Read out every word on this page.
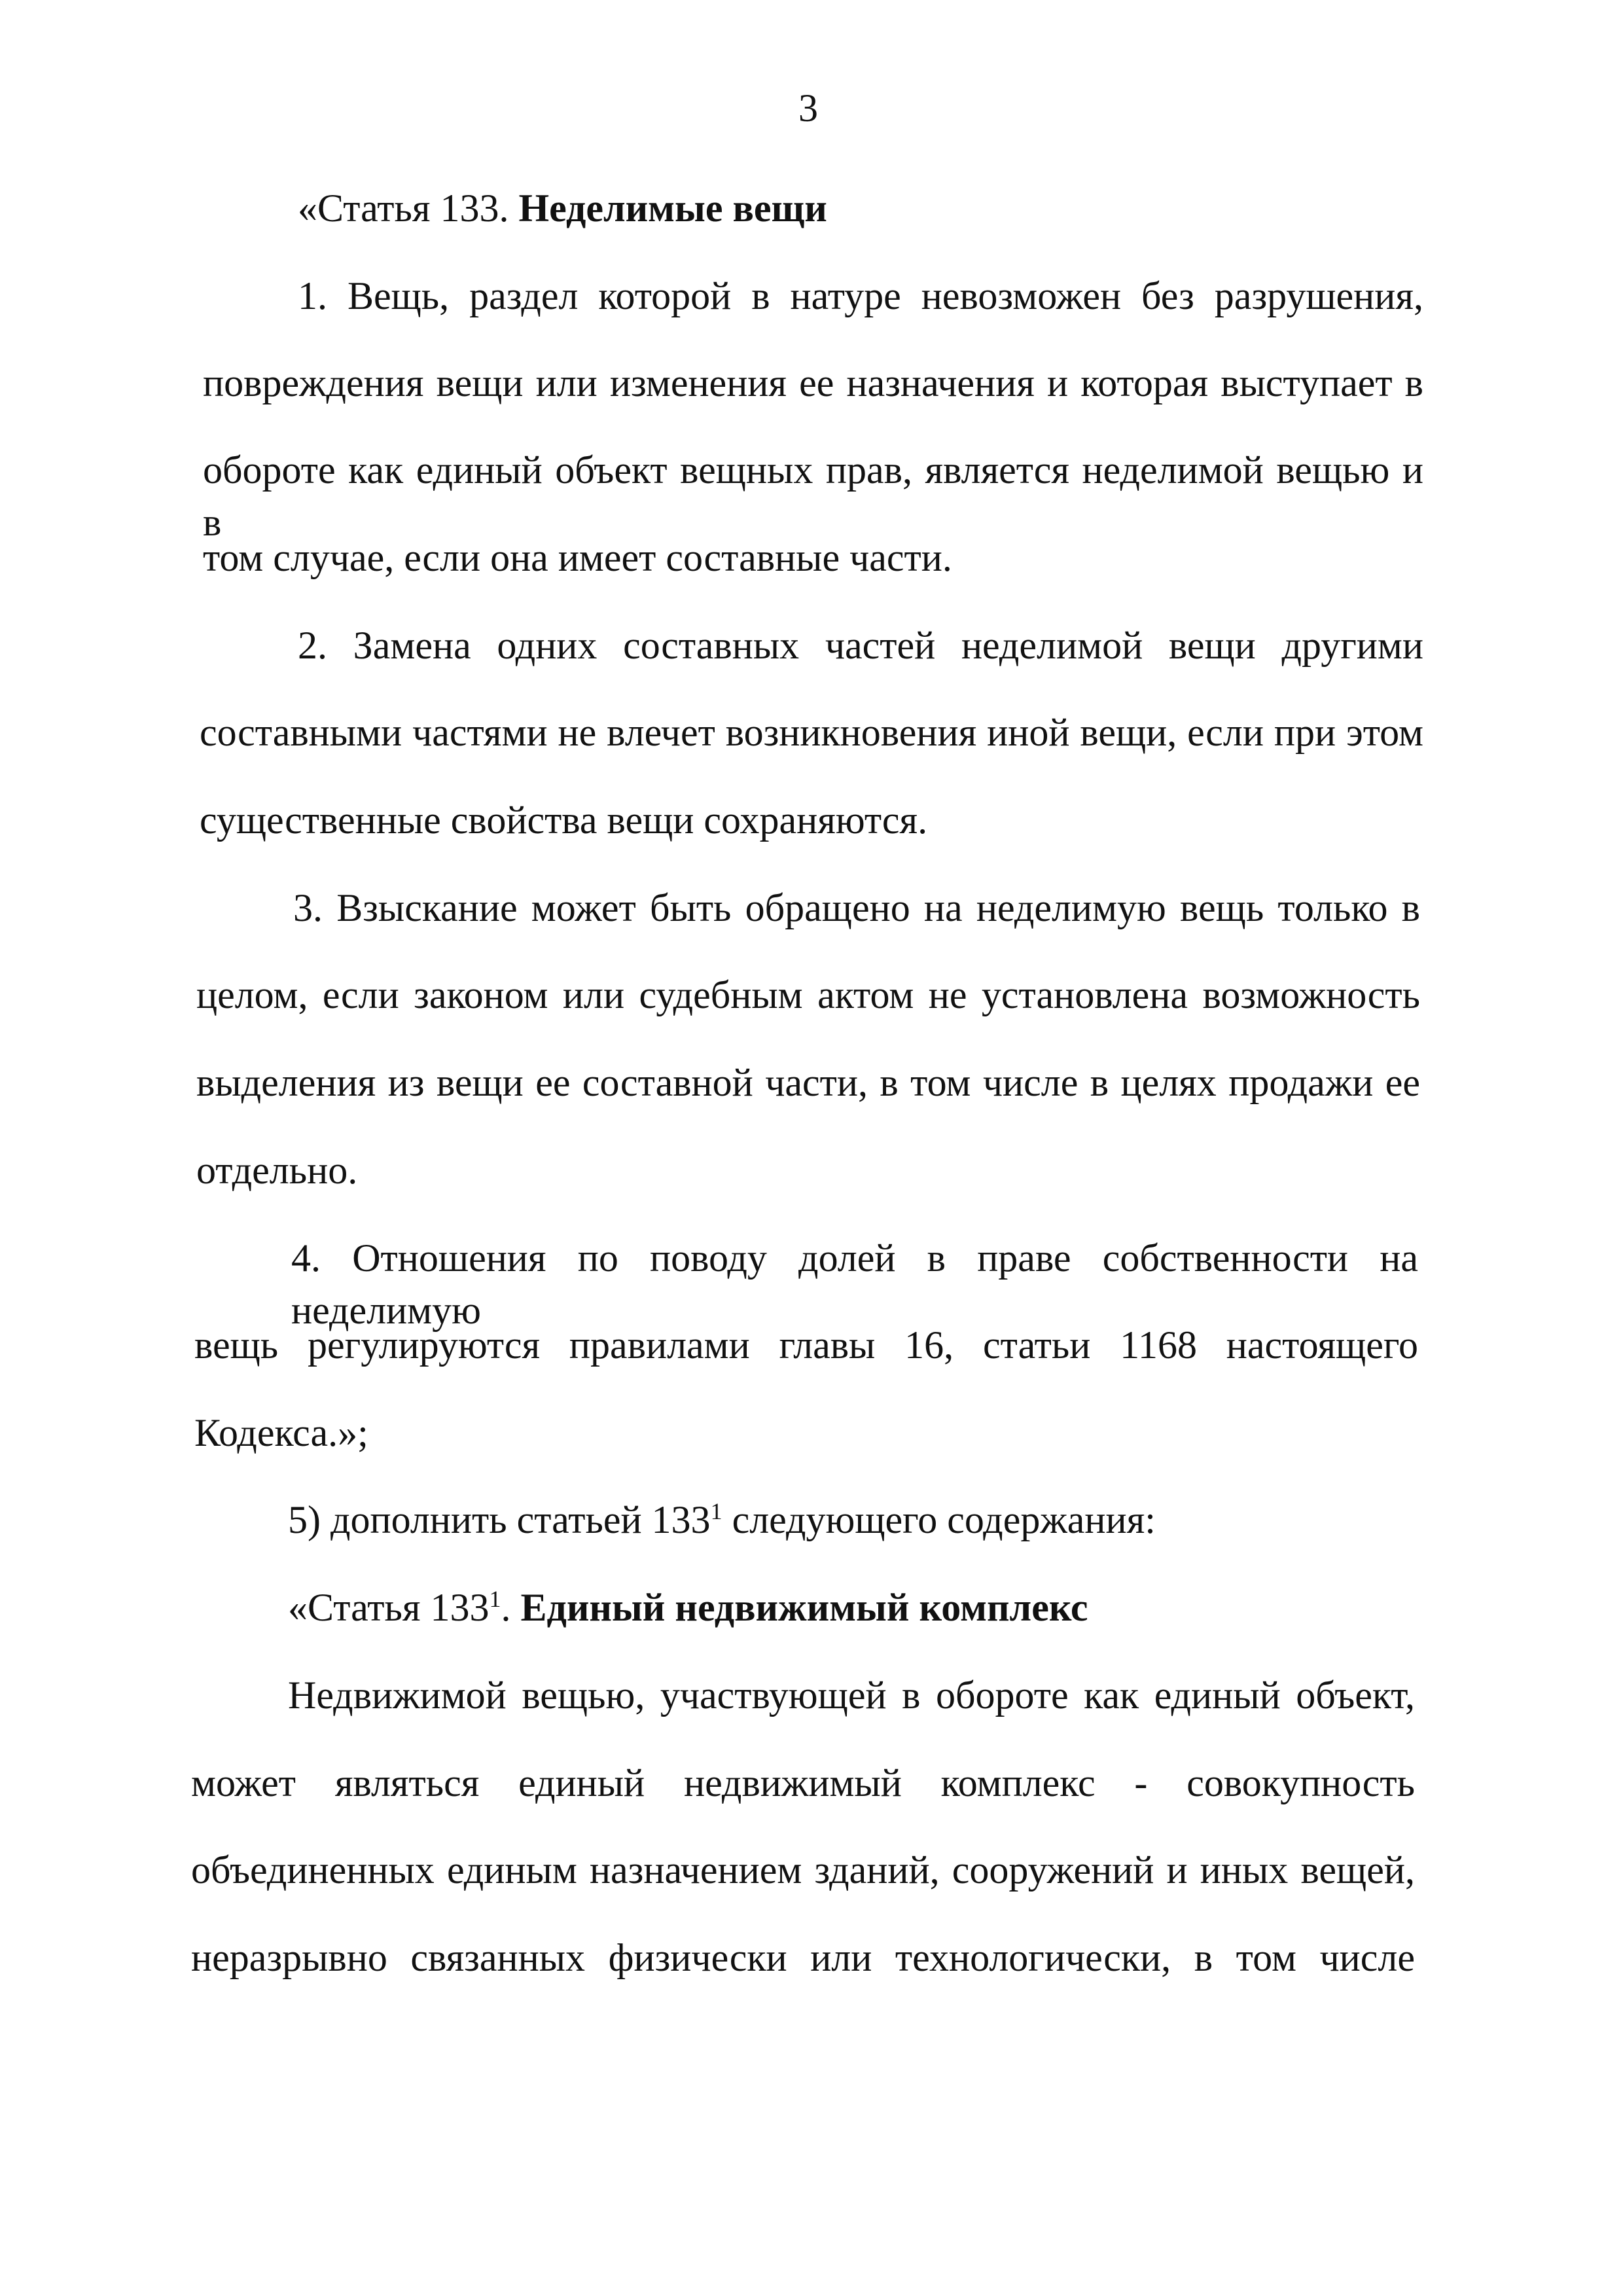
3
«Статья 133. Неделимые вещи
1. Вещь, раздел которой в натуре невозможен без разрушения,
повреждения вещи или изменения ее назначения и которая выступает в
обороте как единый объект вещных прав, является неделимой вещью и в
том случае, если она имеет составные части.
2. Замена одних составных частей неделимой вещи другими
составными частями не влечет возникновения иной вещи, если при этом
существенные свойства вещи сохраняются.
3. Взыскание может быть обращено на неделимую вещь только в
целом, если законом или судебным актом не установлена возможность
выделения из вещи ее составной части, в том числе в целях продажи ее
отдельно.
4. Отношения по поводу долей в праве собственности на неделимую
вещь регулируются правилами главы 16, статьи 1168 настоящего
Кодекса.»;
5) дополнить статьей $133^1$ следующего содержания:
«Статья $133^1$. Единый недвижимый комплекс
Недвижимой вещью, участвующей в обороте как единый объект,
может являться единый недвижимый комплекс - совокупность
объединенных единым назначением зданий, сооружений и иных вещей,
неразрывно связанных физически или технологически, в том числе
